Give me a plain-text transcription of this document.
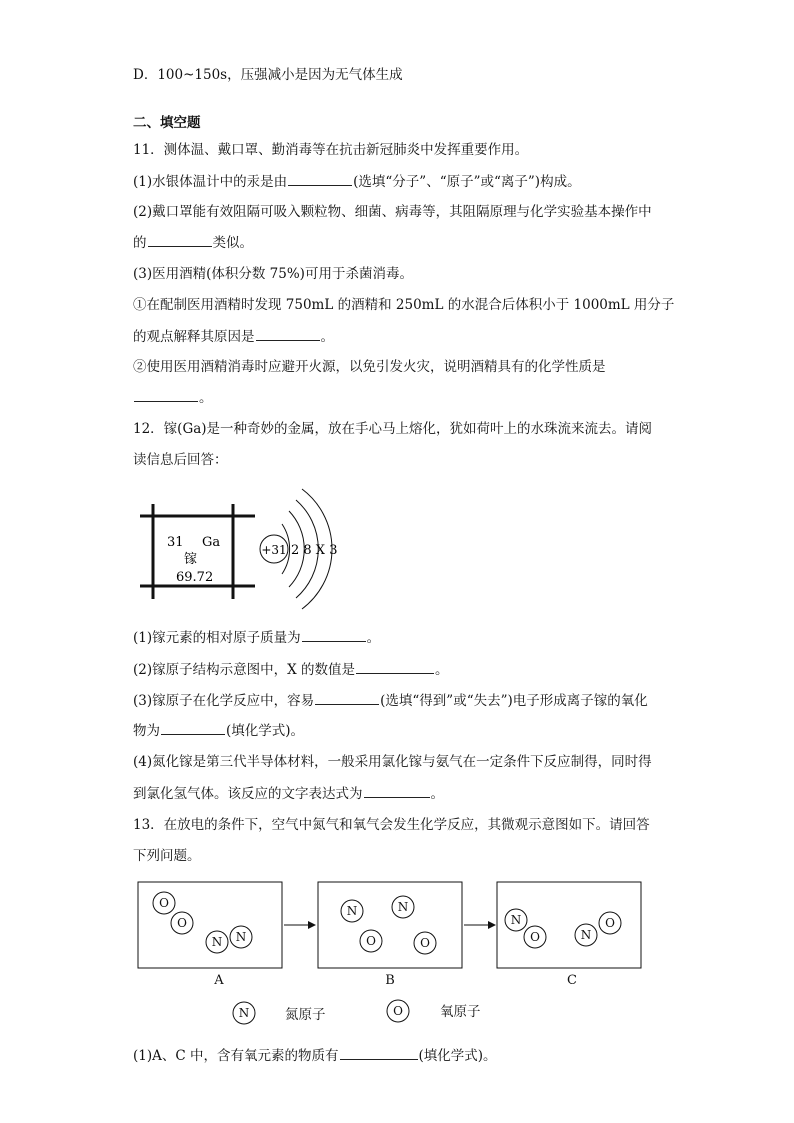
D．100~150s，压强减小是因为无气体生成
二、填空题
11．测体温、戴口罩、勤消毒等在抗击新冠肺炎中发挥重要作用。
(1)水银体温计中的汞是由	(选填“分子”、“原子”或“离子”)构成。
(2)戴口罩能有效阻隔可吸入颗粒物、细菌、病毒等，其阻隔原理与化学实验基本操作中
的	类似。
(3)医用酒精(体积分数 75%)可用于杀菌消毒。
①在配制医用酒精时发现 750mL 的酒精和 250mL 的水混合后体积小于 1000mL 用分子
的观点解释其原因是	。
②使用医用酒精消毒时应避开火源，以免引发火灾，说明酒精具有的化学性质是
。
12．镓(Ga)是一种奇妙的金属，放在手心马上熔化，犹如荷叶上的水珠流来流去。请阅
读信息后回答：
31 Ga
镓
69.72
+31 2 8 X 3
(1)镓元素的相对原子质量为	。
(2)镓原子结构示意图中，X 的数值是	。
(3)镓原子在化学反应中，容易	(选填“得到”或“失去”)电子形成离子镓的氧化
物为	(填化学式)。
(4)氮化镓是第三代半导体材料，一般采用氯化镓与氨气在一定条件下反应制得，同时得
到氯化氢气体。该反应的文字表达式为	。
13．在放电的条件下，空气中氮气和氧气会发生化学反应，其微观示意图如下。请回答
下列问题。
O
O
N N
N	N
O	O
N
O	N
O
N	O
A	B	C
氮原子	氧原子
(1)A、C 中，含有氧元素的物质有	(填化学式)。
